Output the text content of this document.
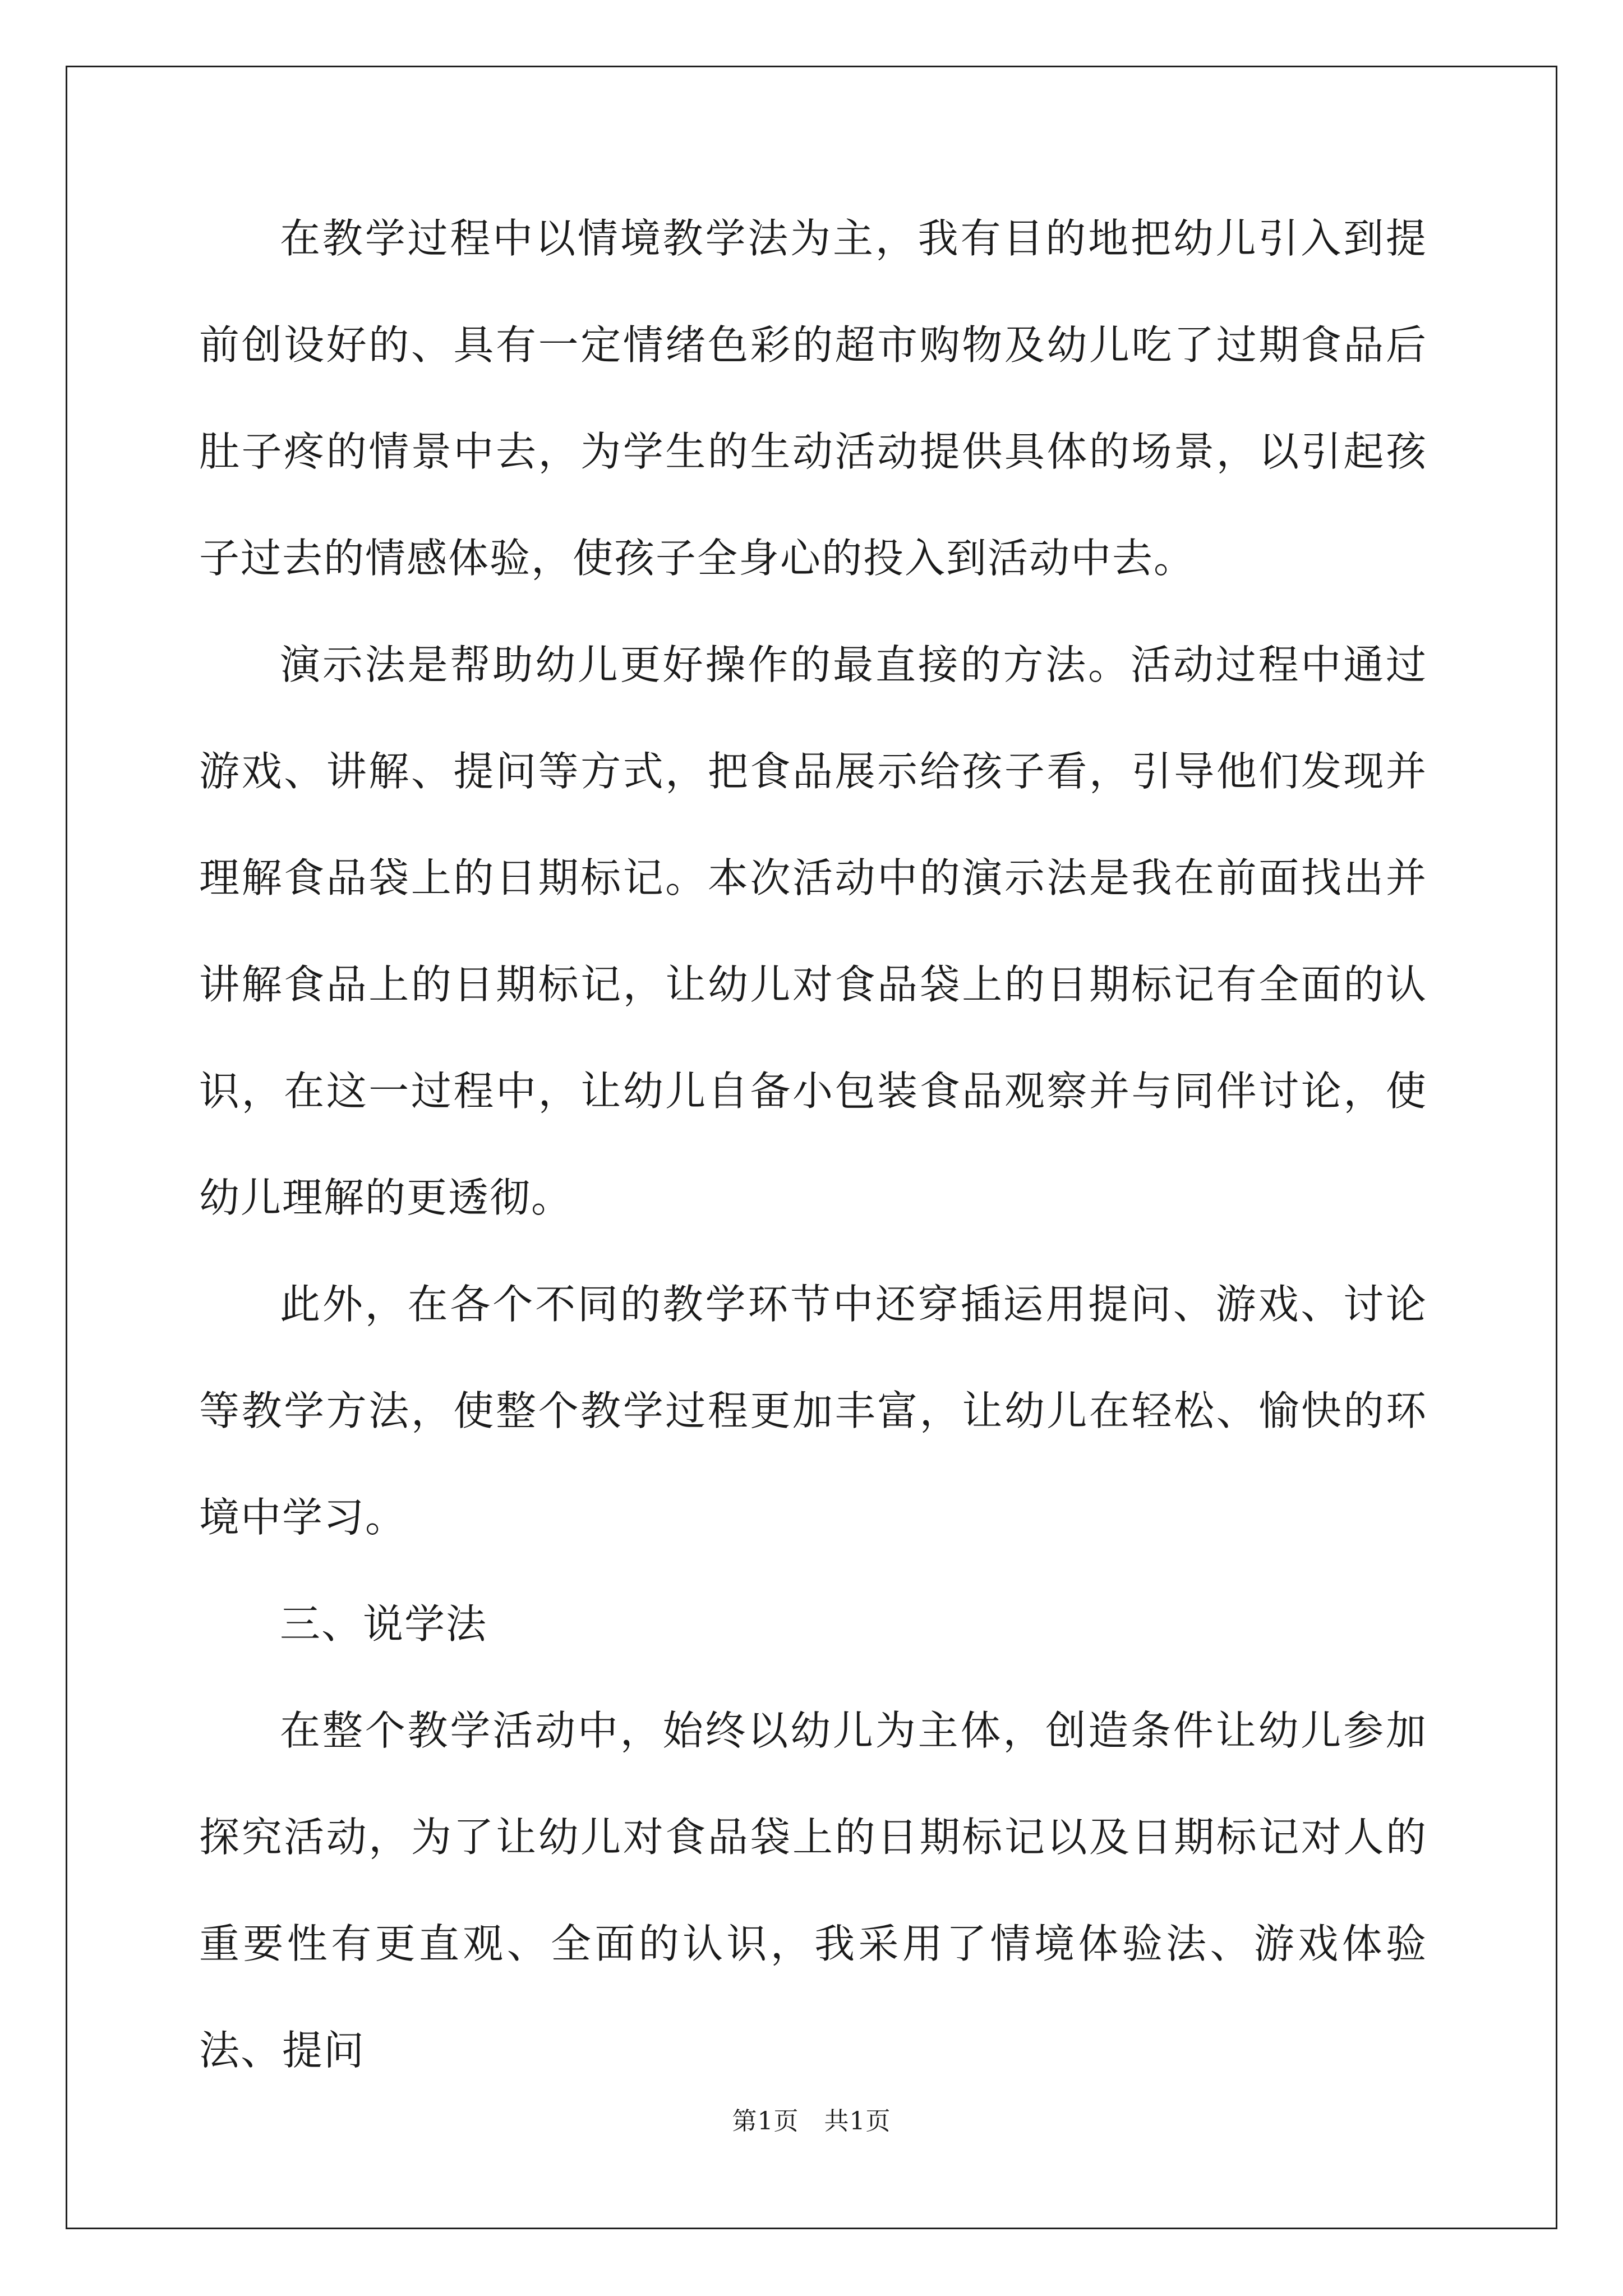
在教学过程中以情境教学法为主，我有目的地把幼儿引入到提前创设好的、具有一定情绪色彩的超市购物及幼儿吃了过期食品后肚子疼的情景中去，为学生的生动活动提供具体的场景，以引起孩子过去的情感体验，使孩子全身心的投入到活动中去。

演示法是帮助幼儿更好操作的最直接的方法。活动过程中通过游戏、讲解、提问等方式，把食品展示给孩子看，引导他们发现并理解食品袋上的日期标记。本次活动中的演示法是我在前面找出并讲解食品上的日期标记，让幼儿对食品袋上的日期标记有全面的认识，在这一过程中，让幼儿自备小包装食品观察并与同伴讨论，使幼儿理解的更透彻。

此外，在各个不同的教学环节中还穿插运用提问、游戏、讨论等教学方法，使整个教学过程更加丰富，让幼儿在轻松、愉快的环境中学习。

三、说学法

在整个教学活动中，始终以幼儿为主体，创造条件让幼儿参加探究活动，为了让幼儿对食品袋上的日期标记以及日期标记对人的重要性有更直观、全面的认识，我采用了情境体验法、游戏体验法、提问

第1页　共1页
